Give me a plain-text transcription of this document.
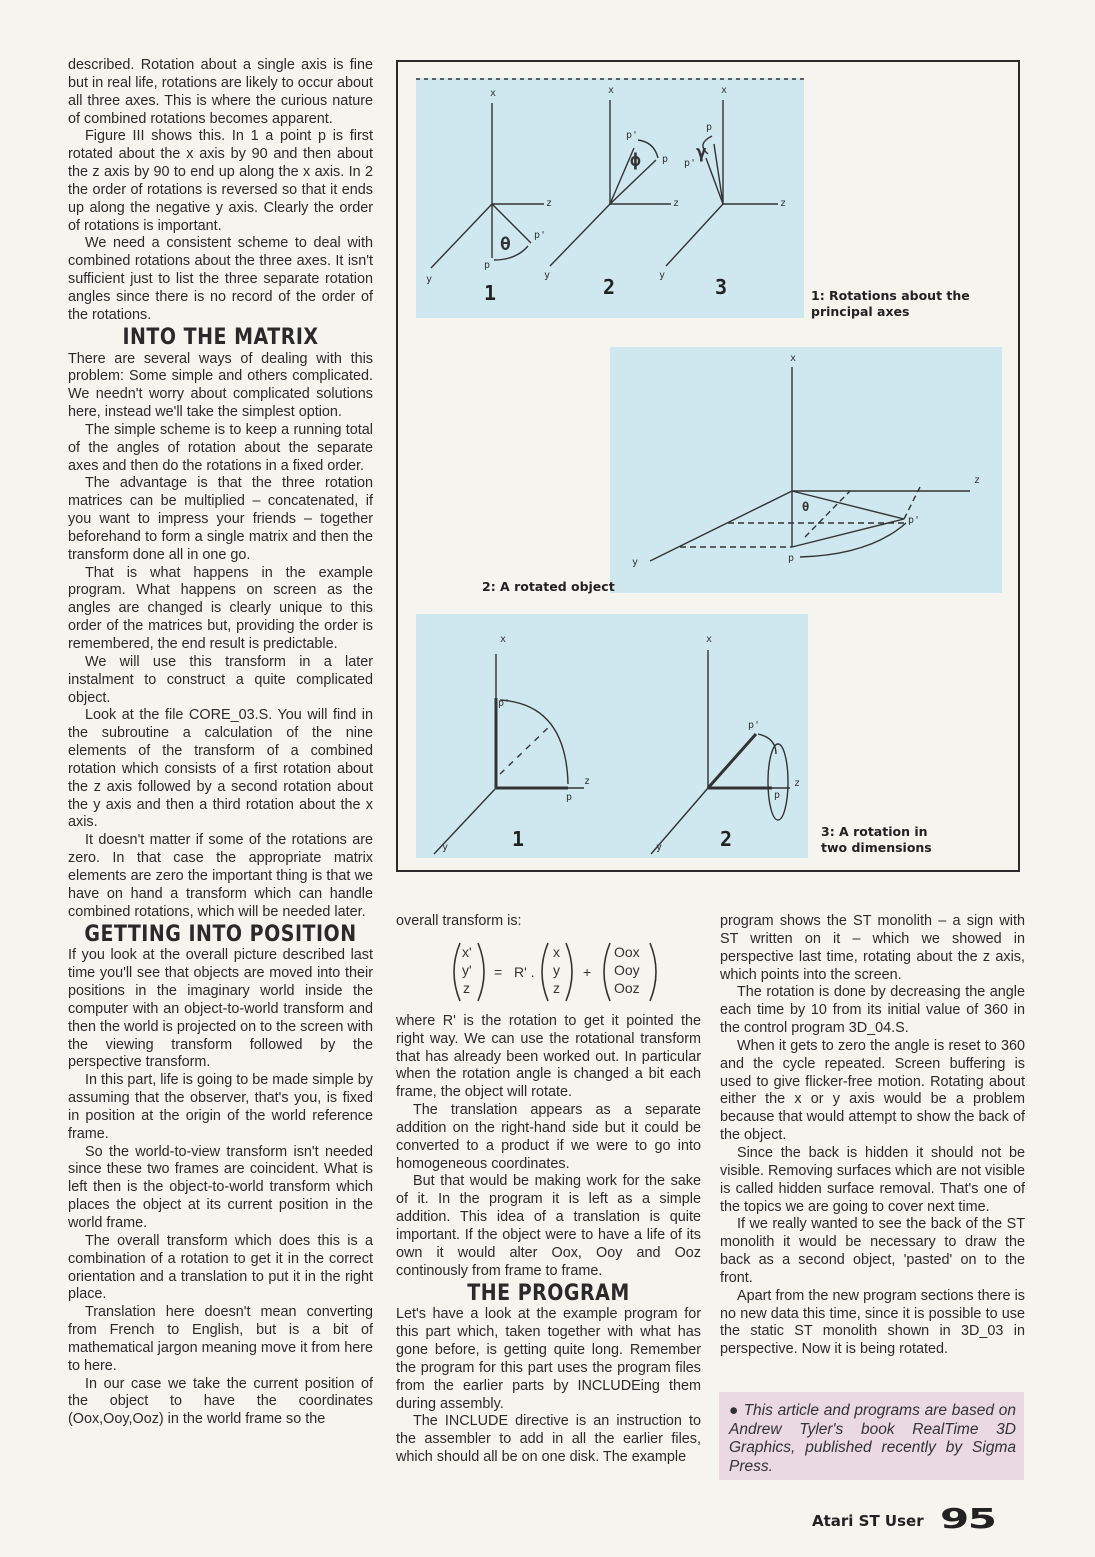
described. Rotation about a single axis is fine but in real life, rotations are likely to occur about all three axes. This is where the curious nature of combined rotations becomes apparent.

Figure III shows this. In 1 a point p is first rotated about the x axis by 90 and then about the z axis by 90 to end up along the x axis. In 2 the order of rotations is reversed so that it ends up along the negative y axis. Clearly the order of rotations is important.

We need a consistent scheme to deal with combined rotations about the three axes. It isn't sufficient just to list the three separate rotation angles since there is no record of the order of the rotations.

INTO THE MATRIX

There are several ways of dealing with this problem: Some simple and others complicated. We needn't worry about complicated solutions here, instead we'll take the simplest option.

The simple scheme is to keep a running total of the angles of rotation about the separate axes and then do the rotations in a fixed order.

The advantage is that the three rotation matrices can be multiplied – concatenated, if you want to impress your friends – together beforehand to form a single matrix and then the transform done all in one go.

That is what happens in the example program. What happens on screen as the angles are changed is clearly unique to this order of the matrices but, providing the order is remembered, the end result is predictable.

We will use this transform in a later instalment to construct a quite complicated object.

Look at the file CORE_03.S. You will find in the subroutine a calculation of the nine elements of the transform of a combined rotation which consists of a first rotation about the z axis followed by a second rotation about the y axis and then a third rotation about the x axis.

It doesn't matter if some of the rotations are zero. In that case the appropriate matrix elements are zero the important thing is that we have on hand a transform which can handle combined rotations, which will be needed later.

GETTING INTO POSITION

If you look at the overall picture described last time you'll see that objects are moved into their positions in the imaginary world inside the computer with an object-to-world transform and then the world is projected on to the screen with the viewing transform followed by the perspective transform.

In this part, life is going to be made simple by assuming that the observer, that's you, is fixed in position at the origin of the world reference frame.

So the world-to-view transform isn't needed since these two frames are coincident. What is left then is the object-to-world transform which places the object at its current position in the world frame.

The overall transform which does this is a combination of a rotation to get it in the correct orientation and a translation to put it in the right place.

Translation here doesn't mean converting from French to English, but is a bit of mathematical jargon meaning move it from here to here.

In our case we take the current position of the object to have the coordinates (Oox,Ooy,Ooz) in the world frame so the

x
z
y
p
p'
x
z
y
p'
p
x
z
y
p
p'
θ
ϕ	γ
1	2	3	1: Rotations about the
principal axes
x
z
y	p
p'
θ
2: A rotated object
x
z
y
p'
p
x
z
y
p'
p
1	2	3: A rotation in
two dimensions

overall transform is:

x'
y'
z
= R' .
x
y
z
+
Oox
Ooy
Ooz

where R' is the rotation to get it pointed the right way. We can use the rotational transform that has already been worked out. In particular when the rotation angle is changed a bit each frame, the object will rotate.

The translation appears as a separate addition on the right-hand side but it could be converted to a product if we were to go into homogeneous coordinates.

But that would be making work for the sake of it. In the program it is left as a simple addition. This idea of a translation is quite important. If the object were to have a life of its own it would alter Oox, Ooy and Ooz continously from frame to frame.

THE PROGRAM

Let's have a look at the example program for this part which, taken together with what has gone before, is getting quite long. Remember the program for this part uses the program files from the earlier parts by INCLUDEing them during assembly.

The INCLUDE directive is an instruction to the assembler to add in all the earlier files, which should all be on one disk. The example

program shows the ST monolith – a sign with ST written on it – which we showed in perspective last time, rotating about the z axis, which points into the screen.

The rotation is done by decreasing the angle each time by 10 from its initial value of 360 in the control program 3D_04.S.

When it gets to zero the angle is reset to 360 and the cycle repeated. Screen buffering is used to give flicker-free motion. Rotating about either the x or y axis would be a problem because that would attempt to show the back of the object.

Since the back is hidden it should not be visible. Removing surfaces which are not visible is called hidden surface removal. That's one of the topics we are going to cover next time.

If we really wanted to see the back of the ST monolith it would be necessary to draw the back as a second object, 'pasted' on to the front.

Apart from the new program sections there is no new data this time, since it is possible to use the static ST monolith shown in 3D_03 in perspective. Now it is being rotated.

● This article and programs are based on Andrew Tyler's book RealTime 3D Graphics, published recently by Sigma Press.
Atari ST User 95
